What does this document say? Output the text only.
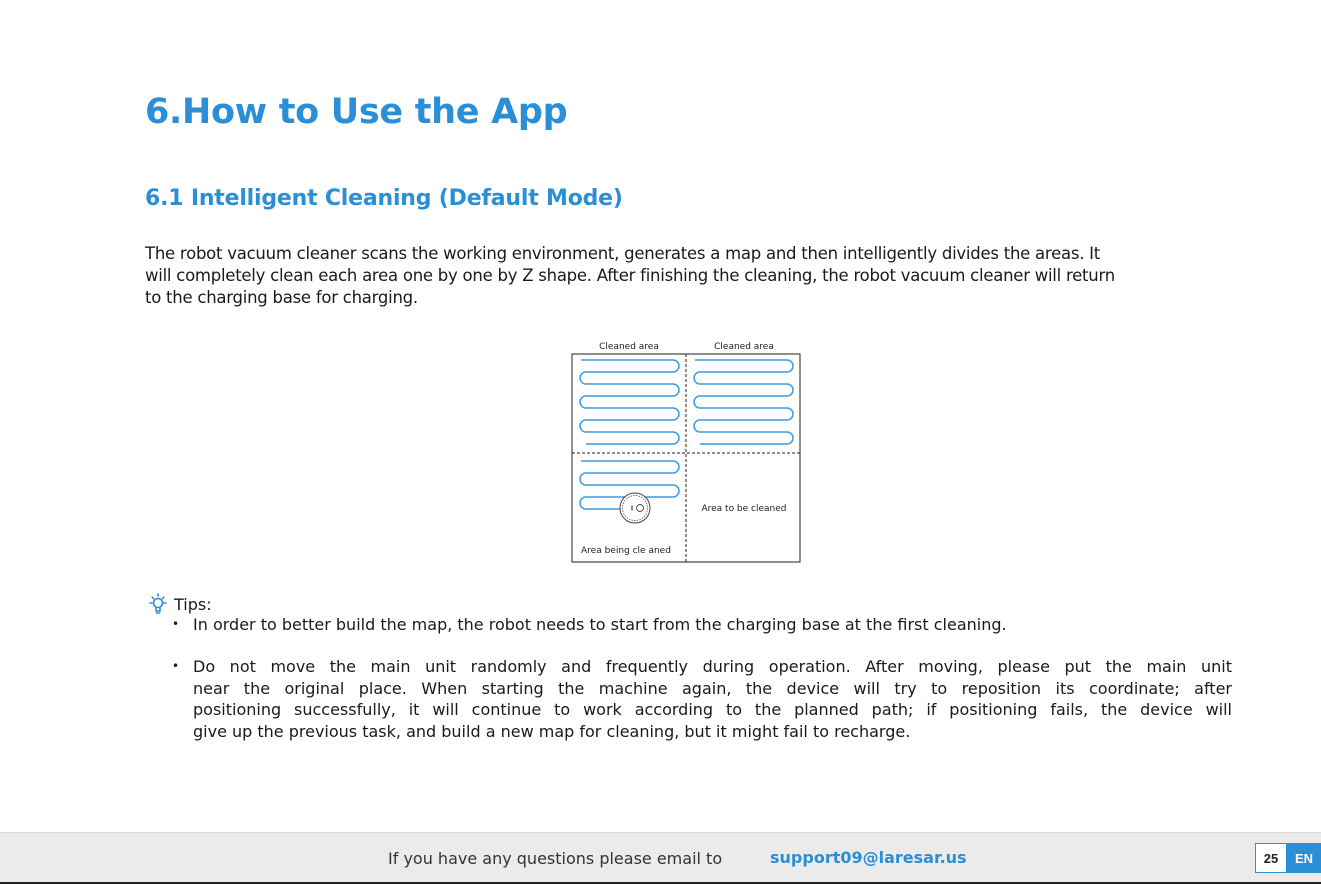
6.How to Use the App
6.1 Intelligent Cleaning (Default Mode)

The robot vacuum cleaner scans the working environment, generates a map and then intelligently divides the areas. It
will completely clean each area one by one by Z shape. After finishing the cleaning, the robot vacuum cleaner will return
to the charging base for charging.

Cleaned area	Cleaned area
Area to be cleaned
Area being cle aned
Tips:
• In order to better build the map, the robot needs to start from the charging base at the first cleaning.
• Do not move the main unit randomly and frequently during operation. After moving, please put the main unit
near the original place. When starting the machine again, the device will try to reposition its coordinate; after
positioning successfully, it will continue to work according to the planned path; if positioning fails, the device will
give up the previous task, and build a new map for cleaning, but it might fail to recharge.
If you have any questions please email to	support09@laresar.us	25	EN
